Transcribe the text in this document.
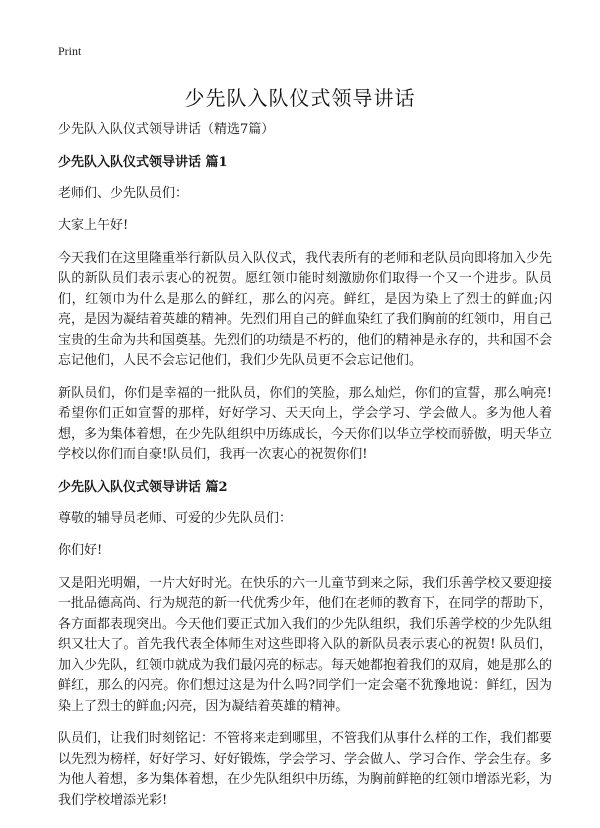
Print
少先队入队仪式领导讲话

少先队入队仪式领导讲话（精选7篇）

少先队入队仪式领导讲话 篇1

老师们、少先队员们：

大家上午好!

今天我们在这里隆重举行新队员入队仪式，我代表所有的老师和老队员向即将加入少先队的新队员们表示衷心的祝贺。愿红领巾能时刻激励你们取得一个又一个进步。队员们，红领巾为什么是那么的鲜红，那么的闪亮。鲜红，是因为染上了烈士的鲜血;闪亮，是因为凝结着英雄的精神。先烈们用自己的鲜血染红了我们胸前的红领巾，用自己宝贵的生命为共和国奠基。先烈们的功绩是不朽的，他们的精神是永存的，共和国不会忘记他们，人民不会忘记他们，我们少先队员更不会忘记他们。

新队员们，你们是幸福的一批队员，你们的笑脸，那么灿烂，你们的宣誓，那么响亮!希望你们正如宣誓的那样，好好学习、天天向上，学会学习、学会做人。多为他人着想，多为集体着想，在少先队组织中历练成长，今天你们以华立学校而骄傲，明天华立学校以你们而自豪!队员们，我再一次衷心的祝贺你们!

少先队入队仪式领导讲话 篇2

尊敬的辅导员老师、可爱的少先队员们：

你们好!

又是阳光明媚，一片大好时光。在快乐的六一儿童节到来之际，我们乐善学校又要迎接一批品德高尚、行为规范的新一代优秀少年，他们在老师的教育下，在同学的帮助下，各方面都表现突出。今天他们要正式加入我们的少先队组织，我们乐善学校的少先队组织又壮大了。首先我代表全体师生对这些即将入队的新队员表示衷心的祝贺! 队员们，加入少先队，红领巾就成为我们最闪亮的标志。每天她都抱着我们的双肩，她是那么的鲜红，那么的闪亮。你们想过这是为什么吗?同学们一定会毫不犹豫地说：鲜红，因为染上了烈士的鲜血;闪亮，因为凝结着英雄的精神。

队员们，让我们时刻铭记：不管将来走到哪里，不管我们从事什么样的工作，我们都要以先烈为榜样，好好学习、好好锻炼，学会学习、学会做人、学习合作、学会生存。多为他人着想，多为集体着想，在少先队组织中历练，为胸前鲜艳的红领巾增添光彩，为我们学校增添光彩!
